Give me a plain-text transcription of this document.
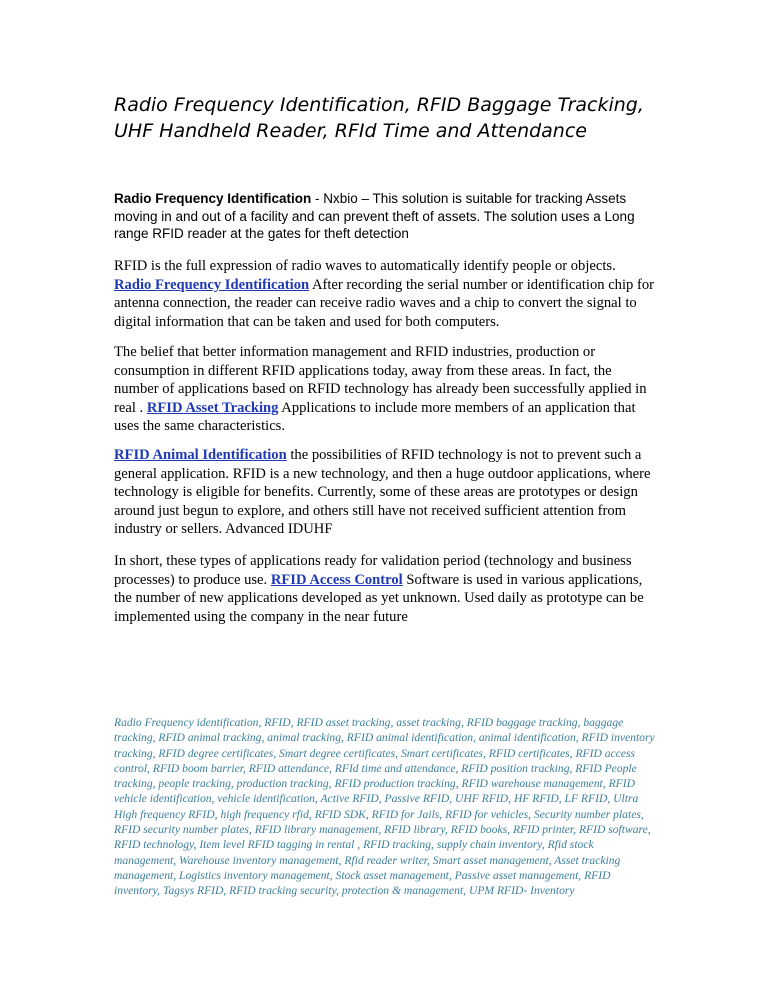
Radio Frequency Identification, RFID Baggage Tracking, UHF Handheld Reader, RFId Time and Attendance

Radio Frequency Identification - Nxbio – This solution is suitable for tracking Assets moving in and out of a facility and can prevent theft of assets. The solution uses a Long range RFID reader at the gates for theft detection

RFID is the full expression of radio waves to automatically identify people or objects. Radio Frequency Identification After recording the serial number or identification chip for antenna connection, the reader can receive radio waves and a chip to convert the signal to digital information that can be taken and used for both computers.

The belief that better information management and RFID industries, production or consumption in different RFID applications today, away from these areas. In fact, the number of applications based on RFID technology has already been successfully applied in real . RFID Asset Tracking Applications to include more members of an application that uses the same characteristics.

RFID Animal Identification the possibilities of RFID technology is not to prevent such a general application. RFID is a new technology, and then a huge outdoor applications, where technology is eligible for benefits. Currently, some of these areas are prototypes or design around just begun to explore, and others still have not received sufficient attention from industry or sellers. Advanced IDUHF

In short, these types of applications ready for validation period (technology and business processes) to produce use. RFID Access Control Software is used in various applications, the number of new applications developed as yet unknown. Used daily as prototype can be implemented using the company in the near future

Radio Frequency identification, RFID, RFID asset tracking, asset tracking, RFID baggage tracking, baggage tracking, RFID animal tracking, animal tracking, RFID animal identification, animal identification, RFID inventory tracking, RFID degree certificates, Smart degree certificates, Smart certificates, RFID certificates, RFID access control, RFID boom barrier, RFID attendance, RFId time and attendance, RFID position tracking, RFID People tracking, people tracking, production tracking, RFID production tracking, RFID warehouse management, RFID vehicle identification, vehicle identification, Active RFID, Passive RFID, UHF RFID, HF RFID, LF RFID, Ultra High frequency RFID, high frequency rfid, RFID SDK, RFID for Jails, RFID for vehicles, Security number plates, RFID security number plates, RFID library management, RFID library, RFID books, RFID printer, RFID software, RFID technology, Item level RFID tagging in rental , RFID tracking, supply chain inventory, Rfid stock management, Warehouse inventory management, Rfid reader writer, Smart asset management, Asset tracking management, Logistics inventory management, Stock asset management, Passive asset management, RFID inventory, Tagsys RFID, RFID tracking security, protection & management, UPM RFID- Inventory
